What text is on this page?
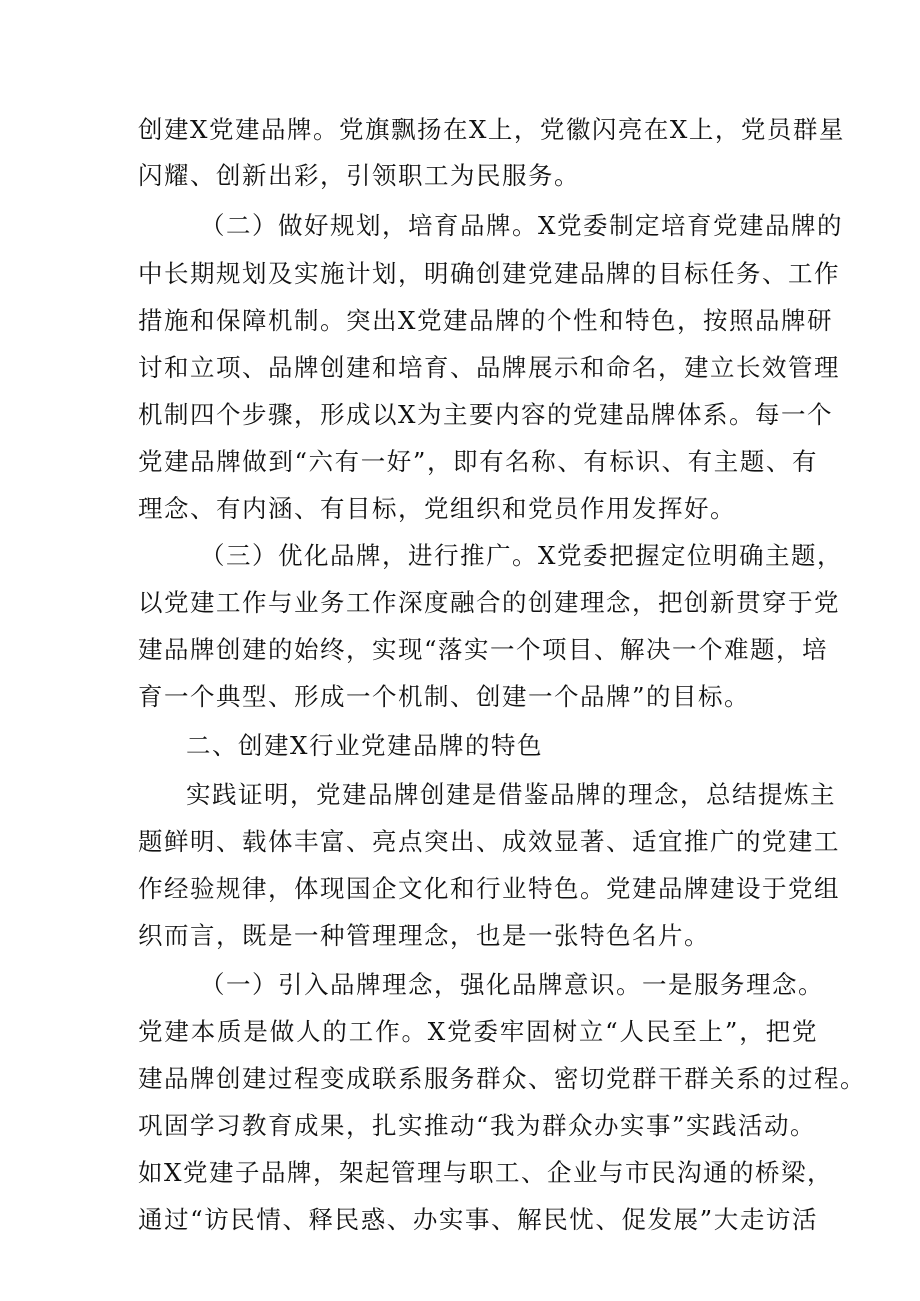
创建X党建品牌。党旗飘扬在X上，党徽闪亮在X上，党员群星
闪耀、创新出彩，引领职工为民服务。
（二）做好规划，培育品牌。X党委制定培育党建品牌的
中长期规划及实施计划，明确创建党建品牌的目标任务、工作
措施和保障机制。突出X党建品牌的个性和特色，按照品牌研
讨和立项、品牌创建和培育、品牌展示和命名，建立长效管理
机制四个步骤，形成以X为主要内容的党建品牌体系。每一个
党建品牌做到“六有一好”，即有名称、有标识、有主题、有
理念、有内涵、有目标，党组织和党员作用发挥好。
（三）优化品牌，进行推广。X党委把握定位明确主题，
以党建工作与业务工作深度融合的创建理念，把创新贯穿于党
建品牌创建的始终，实现“落实一个项目、解决一个难题，培
育一个典型、形成一个机制、创建一个品牌”的目标。
二、创建X行业党建品牌的特色
实践证明，党建品牌创建是借鉴品牌的理念，总结提炼主
题鲜明、载体丰富、亮点突出、成效显著、适宜推广的党建工
作经验规律，体现国企文化和行业特色。党建品牌建设于党组
织而言，既是一种管理理念，也是一张特色名片。
（一）引入品牌理念，强化品牌意识。一是服务理念。
党建本质是做人的工作。X党委牢固树立“人民至上”，把党
建品牌创建过程变成联系服务群众、密切党群干群关系的过程。
巩固学习教育成果，扎实推动“我为群众办实事”实践活动。
如X党建子品牌，架起管理与职工、企业与市民沟通的桥梁，
通过“访民情、释民惑、办实事、解民忧、促发展”大走访活
